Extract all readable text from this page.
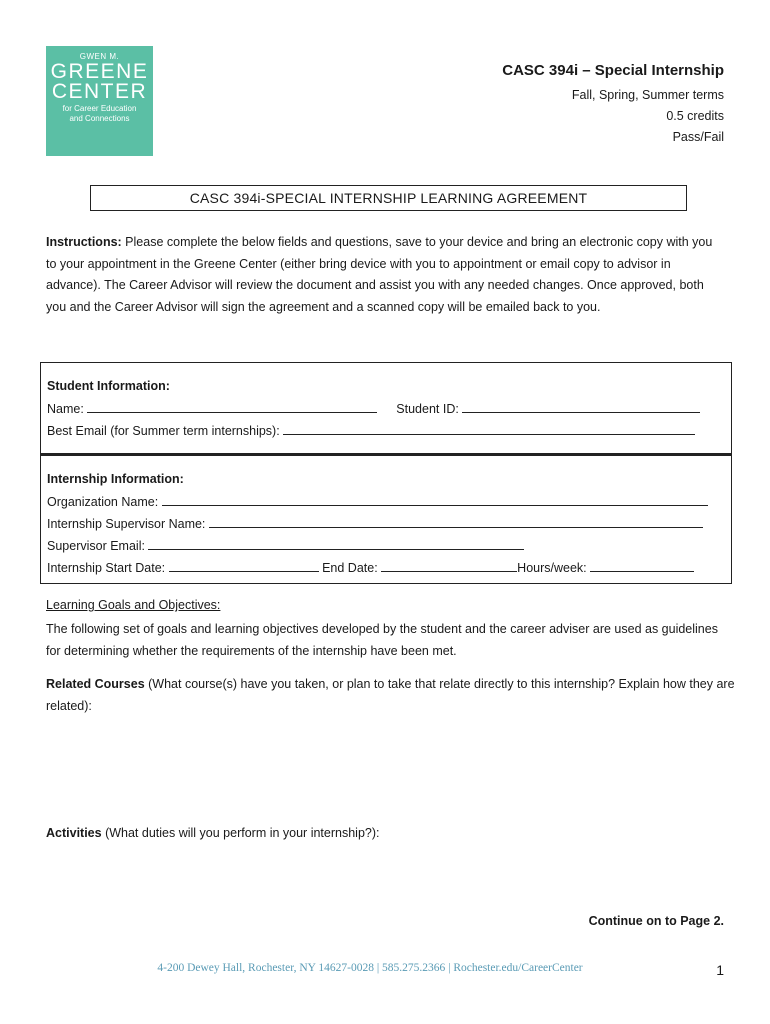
GWEN M.
GREENE
CENTER
for Career Education
and Connections
CASC 394i – Special Internship
Fall, Spring, Summer terms
0.5 credits
Pass/Fail
CASC 394i-SPECIAL INTERNSHIP LEARNING AGREEMENT
Instructions: Please complete the below fields and questions, save to your device and bring an electronic copy with you to your appointment in the Greene Center (either bring device with you to appointment or email copy to advisor in advance). The Career Advisor will review the document and assist you with any needed changes. Once approved, both you and the Career Advisor will sign the agreement and a scanned copy will be emailed back to you.
Student Information:
Name:	Student ID:
Best Email (for Summer term internships):
Internship Information:
Organization Name:
Internship Supervisor Name:
Supervisor Email:
Internship Start Date:	End Date:	Hours/week:
Learning Goals and Objectives:
The following set of goals and learning objectives developed by the student and the career adviser are used as guidelines for determining whether the requirements of the internship have been met.
Related Courses (What course(s) have you taken, or plan to take that relate directly to this internship? Explain how they are related):
Activities (What duties will you perform in your internship?):
Continue on to Page 2.
4-200 Dewey Hall, Rochester, NY 14627-0028 | 585.275.2366 | Rochester.edu/CareerCenter	1
